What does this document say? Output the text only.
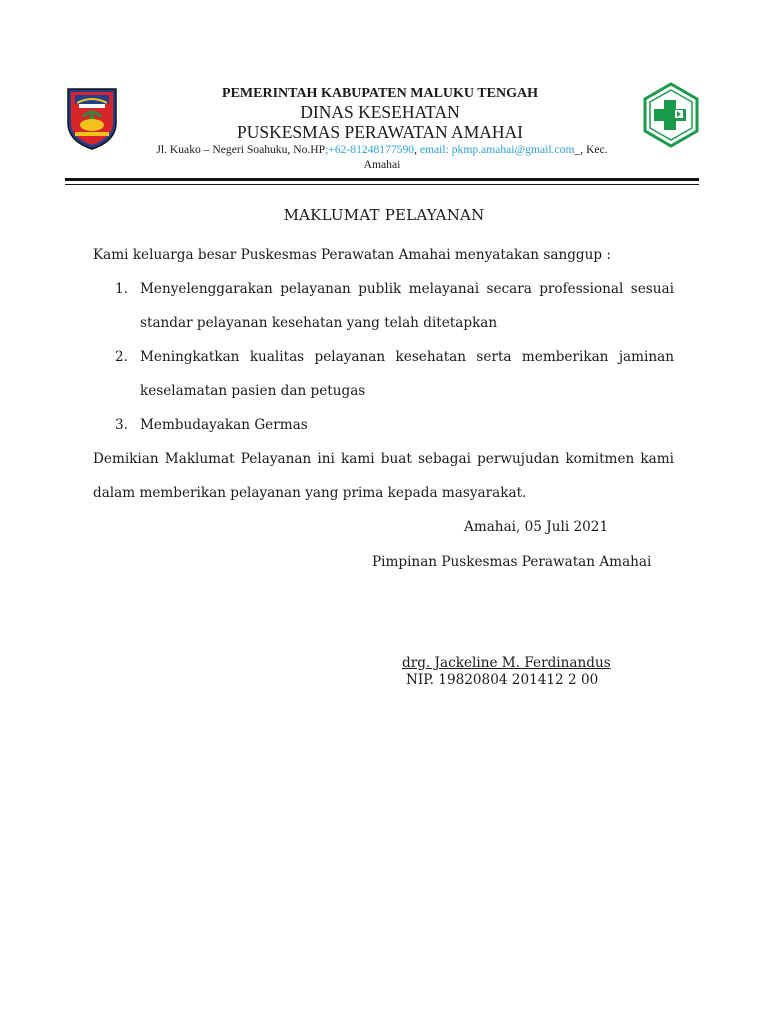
PEMERINTAH KABUPATEN MALUKU TENGAH
DINAS KESEHATAN
PUSKESMAS PERAWATAN AMAHAI
Jl. Kuako – Negeri Soahuku, No.HP;+62-81248177590, email: pkmp.amahai@gmail.com_, Kec.
Amahai
MAKLUMAT PELAYANAN
Kami keluarga besar Puskesmas Perawatan Amahai menyatakan sanggup :
1. Menyelenggarakan pelayanan publik melayanai secara professional sesuai
standar pelayanan kesehatan yang telah ditetapkan
2. Meningkatkan kualitas pelayanan kesehatan serta memberikan jaminan
keselamatan pasien dan petugas
3. Membudayakan Germas
Demikian Maklumat Pelayanan ini kami buat sebagai perwujudan komitmen kami
dalam memberikan pelayanan yang prima kepada masyarakat.
Amahai, 05 Juli 2021
Pimpinan Puskesmas Perawatan Amahai
drg. Jackeline M. Ferdinandus
NIP. 19820804 201412 2 00
